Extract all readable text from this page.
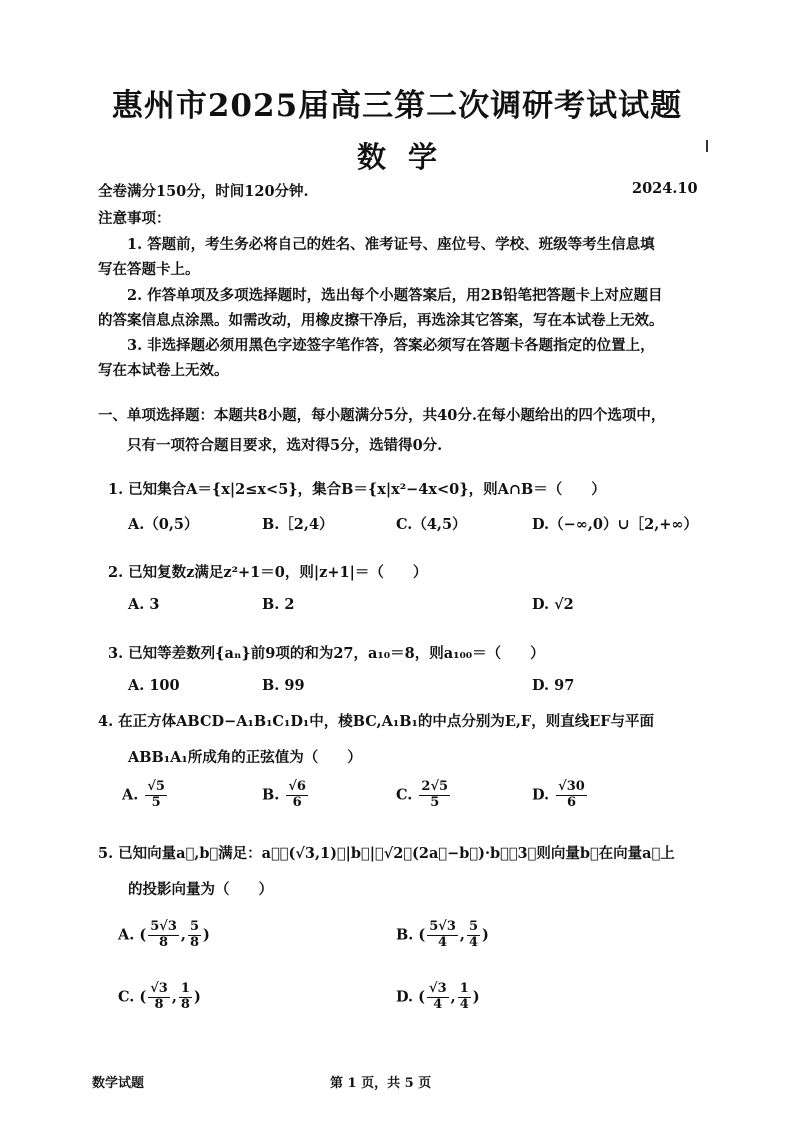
惠州市2025届高三第二次调研考试试题
数学
全卷满分150分，时间120分钟.	2024.10
注意事项：
1. 答题前，考生务必将自己的姓名、准考证号、座位号、学校、班级等考生信息填
写在答题卡上。
2. 作答单项及多项选择题时，选出每个小题答案后，用2B铅笔把答题卡上对应题目
的答案信息点涂黑。如需改动，用橡皮擦干净后，再选涂其它答案，写在本试卷上无效。
3. 非选择题必须用黑色字迹签字笔作答，答案必须写在答题卡各题指定的位置上，
写在本试卷上无效。
一、单项选择题：本题共8小题，每小题满分5分，共40分.在每小题给出的四个选项中，
只有一项符合题目要求，选对得5分，选错得0分.
1. 已知集合A＝{x|2≤x<5}，集合B＝{x|x²−4x<0}，则A∩B＝（　　）
A.（0,5）	B.［2,4）	C.（4,5）	D.（−∞,0）∪［2,+∞）
2. 已知复数z满足z²+1＝0，则|z+1|＝（　　）
A. 3	B. 2	D. √2
3. 已知等差数列{aₙ}前9项的和为27，a₁₀＝8，则a₁₀₀＝（　　）
A. 100	B. 99	D. 97
4. 在正方体ABCD−A₁B₁C₁D₁中，棱BC,A₁B₁的中点分别为E,F，则直线EF与平面
ABB₁A₁所成角的正弦值为（　　）
A. $\frac{√5}{5}$	B. $\frac{√6}{6}$	C. $\frac{2√5}{5}$	D. $\frac{√30}{6}$
5. 已知向量a⃗,b⃗满足：a⃗＝(√3,1)，|b⃗|＝√2，(2a⃗−b⃗)·b⃗＝3，则向量b⃗在向量a⃗上
的投影向量为（　　）
A. ( $\frac{5√3}{8}$ , $\frac{5}{8}$ )	B. ( $\frac{5√3}{4}$ , $\frac{5}{4}$ )
C. ( $\frac{√3}{8}$ , $\frac{1}{8}$ )	D. ( $\frac{√3}{4}$ , $\frac{1}{4}$ )
数学试题	第 1 页，共 5 页
